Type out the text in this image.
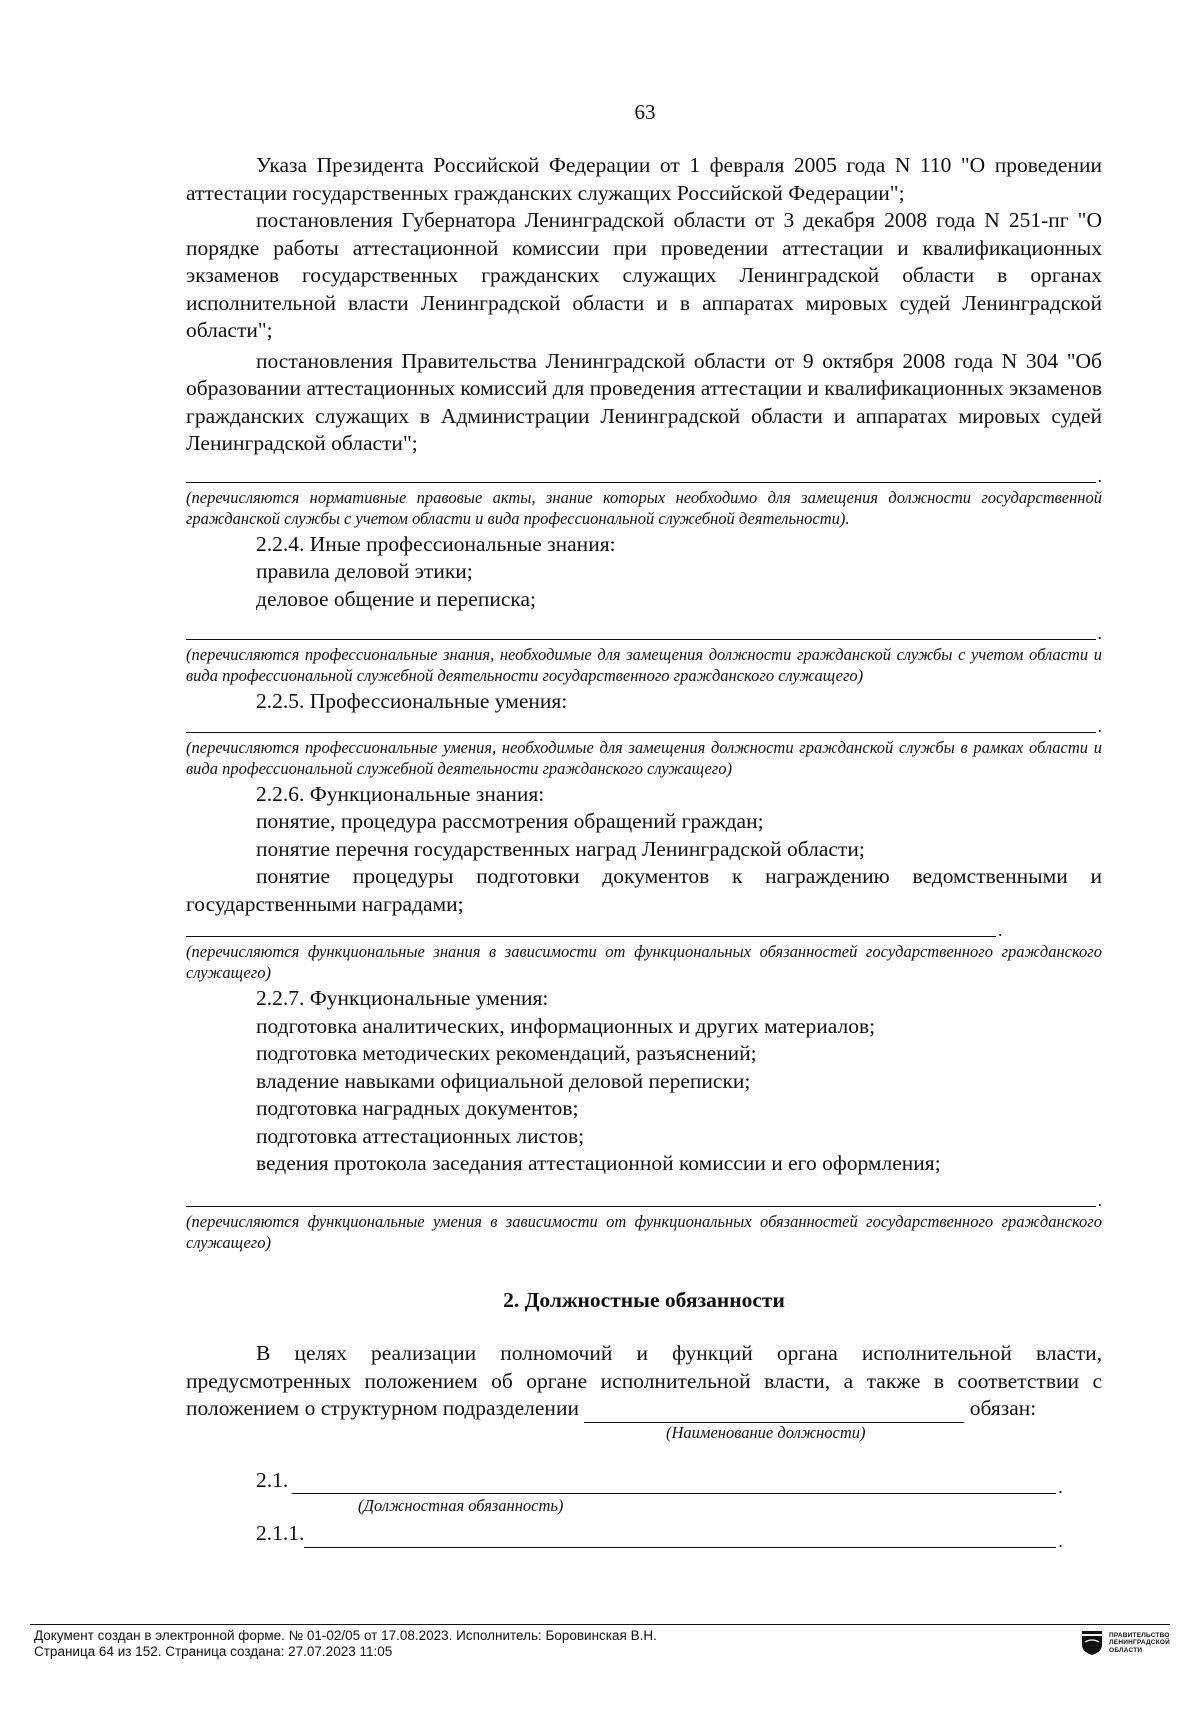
63

Указа Президента Российской Федерации от 1 февраля 2005 года N 110 "О проведении аттестации государственных гражданских служащих Российской Федерации";

постановления Губернатора Ленинградской области от 3 декабря 2008 года N 251-пг "О порядке работы аттестационной комиссии при проведении аттестации и квалификационных экзаменов государственных гражданских служащих Ленинградской области в органах исполнительной власти Ленинградской области и в аппаратах мировых судей Ленинградской области";

постановления Правительства Ленинградской области от 9 октября 2008 года N 304 "Об образовании аттестационных комиссий для проведения аттестации и квалификационных экзаменов гражданских служащих в Администрации Ленинградской области и аппаратах мировых судей Ленинградской области";

.
(перечисляются нормативные правовые акты, знание которых необходимо для замещения должности государственной гражданской службы с учетом области и вида профессиональной служебной деятельности).

2.2.4. Иные профессиональные знания:

правила деловой этики;

деловое общение и переписка;

.
(перечисляются профессиональные знания, необходимые для замещения должности гражданской службы с учетом области и вида профессиональной служебной деятельности государственного гражданского служащего)

2.2.5. Профессиональные умения:

.
(перечисляются профессиональные умения, необходимые для замещения должности гражданской службы в рамках области и вида профессиональной служебной деятельности гражданского служащего)

2.2.6. Функциональные знания:

понятие, процедура рассмотрения обращений граждан;

понятие перечня государственных наград Ленинградской области;

понятие процедуры подготовки документов к награждению ведомственными и государственными наградами;

.
(перечисляются функциональные знания в зависимости от функциональных обязанностей государственного гражданского служащего)

2.2.7. Функциональные умения:

подготовка аналитических, информационных и других материалов;

подготовка методических рекомендаций, разъяснений;

владение навыками официальной деловой переписки;

подготовка наградных документов;

подготовка аттестационных листов;

ведения протокола заседания аттестационной комиссии и его оформления;

.
(перечисляются функциональные умения в зависимости от функциональных обязанностей государственного гражданского служащего)
2. Должностные обязанности

В целях реализации полномочий и функций органа исполнительной власти, предусмотренных положением об органе исполнительной власти, а также в соответствии с положением о структурном подразделении	обязан:

(Наименование должности)
2.1.	.
(Должностная обязанность)
2.1.1.	.
Документ создан в электронной форме. № 01-02/05 от 17.08.2023. Исполнитель: Боровинская В.Н.
Страница 64 из 152. Страница создана: 27.07.2023 11:05
ПРАВИТЕЛЬСТВО
ЛЕНИНГРАДСКОЙ
ОБЛАСТИ
